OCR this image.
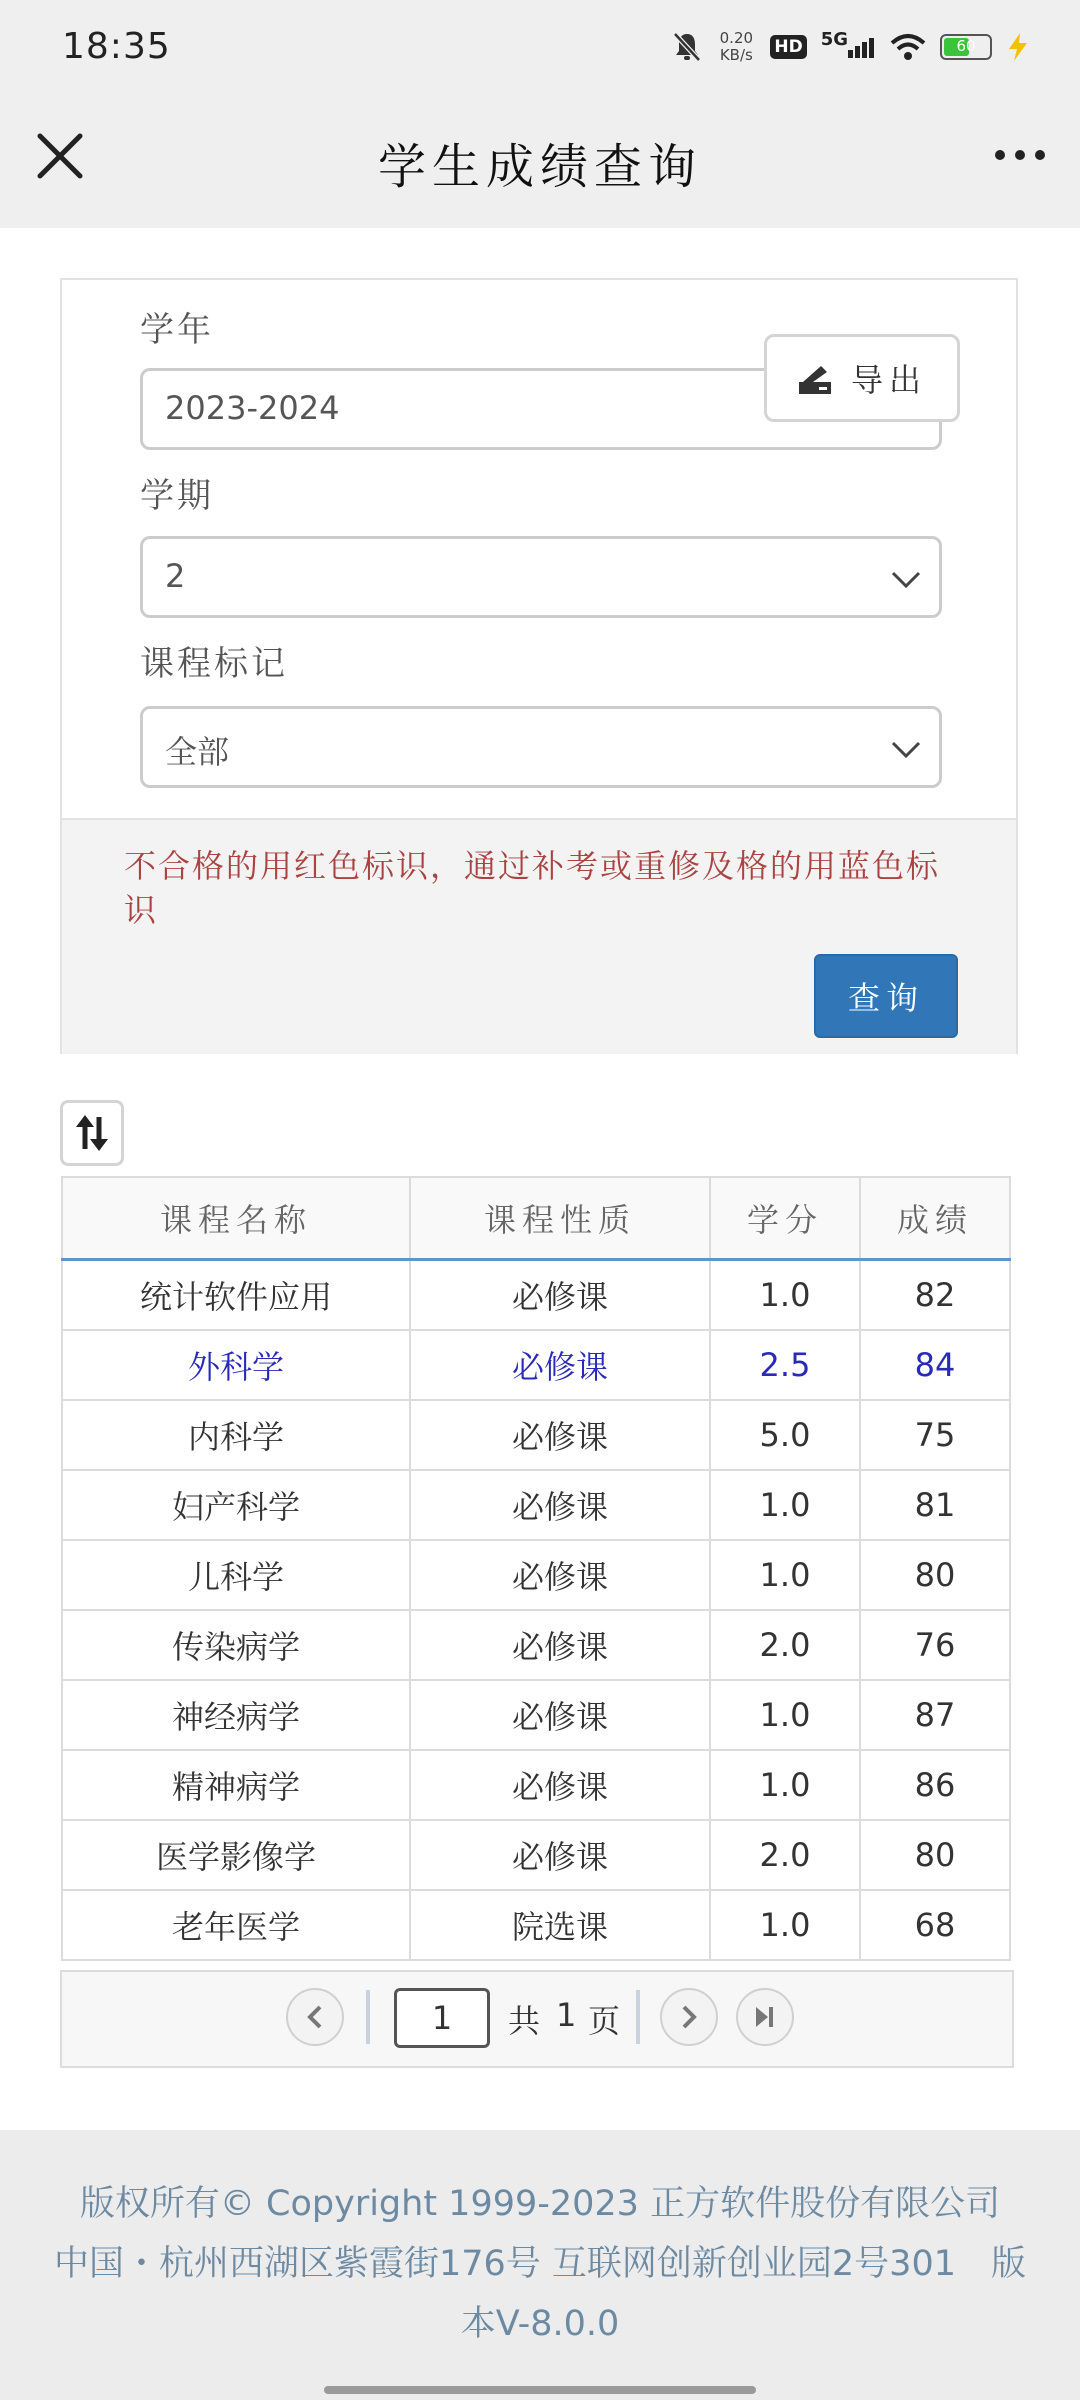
18:35	0.20
KB/s HD 5G	60
学生成绩查询
学年
2023-2024
导出
学期
2
课程标记
全部
不合格的用红色标识，通过补考或重修及格的用蓝色标识
查询
课程名称	课程性质	学分	成绩
统计软件应用	必修课	1.0	82
外科学	必修课	2.5	84
内科学	必修课	5.0	75
妇产科学	必修课	1.0	81
儿科学	必修课	1.0	80
传染病学	必修课	2.0	76
神经病学	必修课	1.0	87
精神病学	必修课	1.0	86
医学影像学	必修课	2.0	80
老年医学	院选课	1.0	68
1	共 1 页
版权所有© Copyright 1999-2023 正方软件股份有限公司
中国・杭州西湖区紫霞街176号 互联网创新创业园2号301　版本V-8.0.0
